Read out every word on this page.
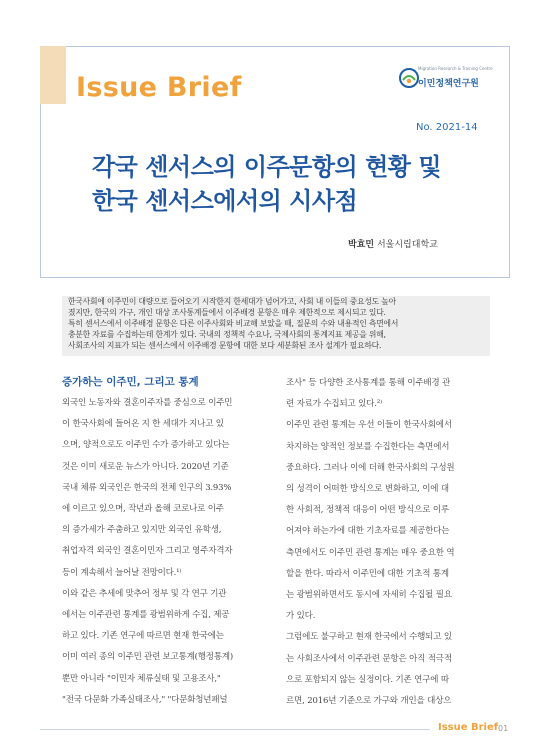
Issue Brief
Migration Research & Training Centre
이민정책연구원
No. 2021-14
각국 센서스의 이주문항의 현황 및
한국 센서스에서의 시사점
박효민 서울시립대학교

한국사회에 이주민이 대량으로 들어오기 시작한지 한세대가 넘어가고, 사회 내 이들의 중요성도 높아

졌지만, 한국의 가구, 개인 대상 조사통계들에서 이주배경 문항은 매우 제한적으로 제시되고 있다.

특히 센서스에서 이주배경 문항은 다른 이주사회와 비교해 보았을 때, 질문의 수와 내용적인 측면에서

충분한 자료를 수집하는데 한계가 있다. 국내의 정책적 수요나, 국제사회의 통계지표 제공을 위해,

사회조사의 지표가 되는 센서스에서 이주배경 문항에 대한 보다 세분화된 조사 설계가 필요하다.

증가하는 이주민, 그리고 통계

외국인 노동자와 결혼이주자를 중심으로 이주민

이 한국사회에 들어온 지 한 세대가 지나고 있

으며, 양적으로도 이주민 수가 증가하고 있다는

것은 이미 새로운 뉴스가 아니다. 2020년 기준

국내 체류 외국인은 한국의 전체 인구의 3.93%

에 이르고 있으며, 작년과 올해 코로나로 이주

의 증가세가 주춤하고 있지만 외국인 유학생,

취업자격 외국인 결혼이민자 그리고 영주자격자

등이 계속해서 늘어날 전망이다.¹⁾

이와 같은 추세에 맞추어 정부 및 각 연구 기관

에서는 이주관련 통계를 광범위하게 수집, 제공

하고 있다. 기존 연구에 따르면 현재 한국에는

이미 여러 종의 이주민 관련 보고통계(행정통계)

뿐만 아니라 "이민자 체류실태 및 고용조사,"

"전국 다문화 가족실태조사," "다문화청년패널

조사" 등 다양한 조사통계를 통해 이주배경 관

련 자료가 수집되고 있다.²⁾

이주민 관련 통계는 우선 이들이 한국사회에서

차지하는 양적인 정보를 수집한다는 측면에서

중요하다. 그러나 이에 더해 한국사회의 구성원

의 성격이 어떠한 방식으로 변화하고, 이에 대

한 사회적, 정책적 대응이 어떤 방식으로 이루

어져야 하는가에 대한 기초자료를 제공한다는

측면에서도 이주민 관련 통계는 매우 중요한 역

할을 한다. 따라서 이주민에 대한 기초적 통계

는 광범위하면서도 동시에 자세히 수집될 필요

가 있다.

그럼에도 불구하고 현재 한국에서 수행되고 있

는 사회조사에서 이주관련 문항은 아직 적극적

으로 포함되지 않는 실정이다. 기존 연구에 따

르면, 2016년 기준으로 가구와 개인을 대상으

Issue Brief 01
